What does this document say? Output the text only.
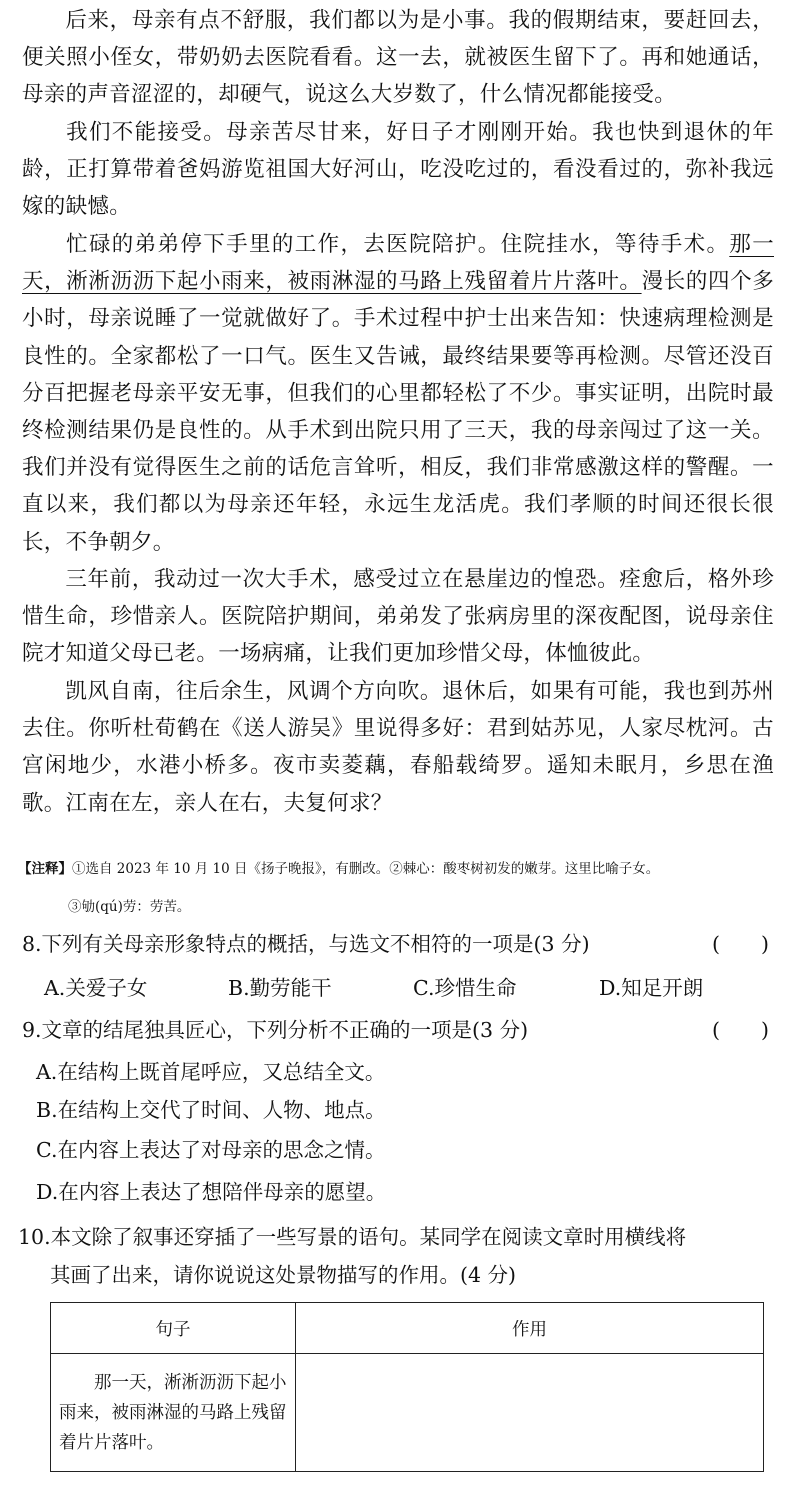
后来，母亲有点不舒服，我们都以为是小事。我的假期结束，要赶回去，便关照小侄女，带奶奶去医院看看。这一去，就被医生留下了。再和她通话，母亲的声音涩涩的，却硬气，说这么大岁数了，什么情况都能接受。

我们不能接受。母亲苦尽甘来，好日子才刚刚开始。我也快到退休的年龄，正打算带着爸妈游览祖国大好河山，吃没吃过的，看没看过的，弥补我远嫁的缺憾。

忙碌的弟弟停下手里的工作，去医院陪护。住院挂水，等待手术。那一天，淅淅沥沥下起小雨来，被雨淋湿的马路上残留着片片落叶。漫长的四个多小时，母亲说睡了一觉就做好了。手术过程中护士出来告知：快速病理检测是良性的。全家都松了一口气。医生又告诫，最终结果要等再检测。尽管还没百分百把握老母亲平安无事，但我们的心里都轻松了不少。事实证明，出院时最终检测结果仍是良性的。从手术到出院只用了三天，我的母亲闯过了这一关。我们并没有觉得医生之前的话危言耸听，相反，我们非常感激这样的警醒。一直以来，我们都以为母亲还年轻，永远生龙活虎。我们孝顺的时间还很长很长，不争朝夕。

三年前，我动过一次大手术，感受过立在悬崖边的惶恐。痊愈后，格外珍惜生命，珍惜亲人。医院陪护期间，弟弟发了张病房里的深夜配图，说母亲住院才知道父母已老。一场病痛，让我们更加珍惜父母，体恤彼此。

凯风自南，往后余生，风调个方向吹。退休后，如果有可能，我也到苏州去住。你听杜荀鹤在《送人游吴》里说得多好：君到姑苏见，人家尽枕河。古宫闲地少，水港小桥多。夜市卖菱藕，春船载绮罗。遥知未眠月，乡思在渔歌。江南在左，亲人在右，夫复何求？

【注释】①选自 2023 年 10 月 10 日《扬子晚报》，有删改。②棘心：酸枣树初发的嫩芽。这里比喻子女。
③劬(qú)劳：劳苦。
8.下列有关母亲形象特点的概括，与选文不相符的一项是(3 分)	(　　)
A.关爱子女	B.勤劳能干	C.珍惜生命	D.知足开朗
9.文章的结尾独具匠心，下列分析不正确的一项是(3 分)	(　　)
A.在结构上既首尾呼应，又总结全文。
B.在结构上交代了时间、人物、地点。
C.在内容上表达了对母亲的思念之情。
D.在内容上表达了想陪伴母亲的愿望。
10.本文除了叙事还穿插了一些写景的语句。某同学在阅读文章时用横线将
其画了出来，请你说说这处景物描写的作用。(4 分)
句子	作用
那一天，淅淅沥沥下起小雨来，被雨淋湿的马路上残留着片片落叶。	
